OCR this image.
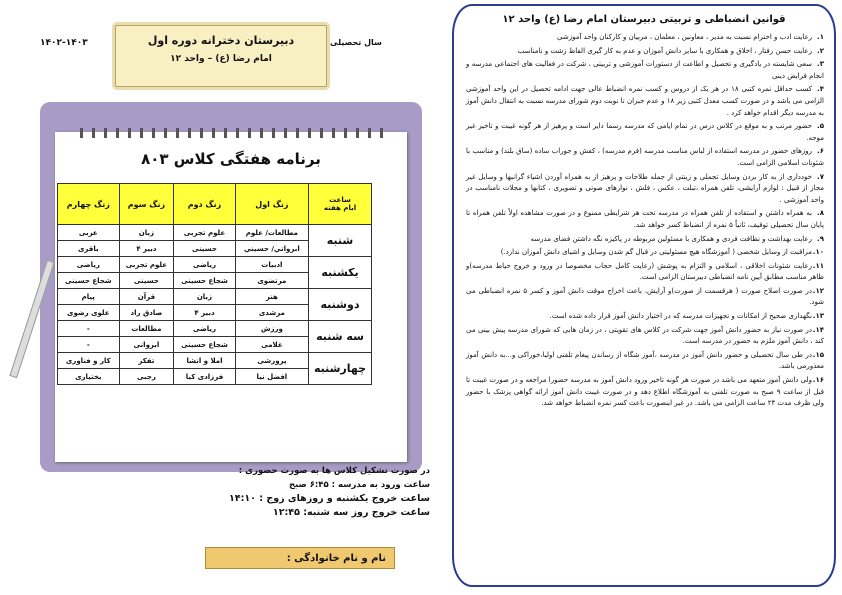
دبیرستان دخترانه دوره اول
امام رضا (ع) – واحد ۱۲
سال تحصیلی
۱۴۰۲-۱۴۰۳
برنامه هفتگی کلاس ۸۰۳
ساعت
ایام هفته	زنگ اول	زنگ دوم	زنگ سوم	زنگ چهارم
شنبه	مطالعات/ علوم	علوم تجربی	زبان	عربی
	ابرواني/ حسيني	حسینی	دبیر ۴	باقری
یکشنبه	ادبیات	ریاضی	علوم تجربی	ریاضی
	مرتضوی	شجاع حسینی	حسینی	شجاع حسینی
دوشنبه	هنر	زبان	قرآن	پیام
	مرشدی	دبیر ۴	صادق راد	علوی رضوی
سه شنبه	ورزش	ریاضی	مطالعات	-
	غلامی	شجاع حسینی	ابروانی	-
چهارشنبه	پرورشی	املا و انشا	تفکر	کار و فناوری
	افضل نیا	فرزادی کیا	رجبی	بختیاری
در صورت تشکیل کلاس ها به صورت حضوری :
ساعت ورود به مدرسه : ۶:۴۵ صبح
ساعت خروج یکشنبه و روزهای زوج : ۱۴:۱۰
ساعت خروج روز سه شنبه: ۱۲:۴۵
نام و نام خانوادگی :
قوانین انضباطی و تربیتی دبیرستان امام رضا (ع) واحد ۱۲
۱.رعایت ادب و احترام نسبت به مدیر ، معاونین ، معلمان ، مربیان و کارکنان واحد آموزشی
۲.رعایت حسن رفتار ، اخلاق و همکاری با سایر دانش آموزان و عدم به کار گیری الفاظ زشت و نامناسب
۳.سعی شایسته در یادگیری و تحصیل و اطاعت از دستورات آموزشی و تربیتی ، شرکت در فعالیت های اجتماعی مدرسه و انجام فرایض دینی
۴.کسب حداقل نمره کتبی ۱۸ در هر یک از دروس و کسب نمره انضباط عالی جهت ادامه تحصیل در این واحد آموزشی الزامی می باشد و در صورت کسب معدل کتبی زیر ۱۸ و عدم جبران تا نوبت دوم شورای مدرسه نسبت به انتقال دانش آموز به مدرسه دیگر اقدام خواهد کرد .
۵.حضور مرتب و به موقع در کلاس درس در تمام ایامی که مدرسه رسما دایر است و پرهیز از هر گونه غیبت و تاخیر غیر موجه.
۶.روزهای حضور در مدرسه استفاده از لباس مناسب مدرسه (فرم مدرسه) ، کفش و جوراب ساده (ساق بلند) و مناسب با شئونات اسلامی الزامی است.
۷.خودداری از به کار بردن وسایل تجملی و زینتی از جمله طلاجات و پرهیز از به همراه آوردن اشیاء گرانبها و وسایل غیر مجاز از قبیل : لوازم آرایشی، تلفن همراه ،تبلت ، عکس ، فلش ، نوارهای صوتی و تصویری ، کتابها و مجلات نامناسب در واحد آموزشی .
۸.به همراه داشتن و استفاده از تلفن همراه در مدرسه تحت هر شرایطی ممنوع و در صورت مشاهده اولاً تلفن همراه تا پایان سال تحصیلی توقیف، ثانیاً ۵ نمره از انضباط کسر خواهد شد.
۹.رعایت بهداشت و نظافت فردی و همکاری با مسئولین مربوطه در پاکیزه نگه داشتن فضای مدرسه
۱۰.مراقبت از وسایل شخصی ( آموزشگاه هیچ مسئولیتی در قبال گم شدن وسایل و اشیای دانش آموزان ندارد.)
۱۱.رعایت شئونات اخلاقی ، اسلامی و التزام به پوشش (رعایت کامل حجاب مخصوصا در ورود و خروج حیاط مدرسه)و ظاهر مناسب مطابق آیین نامه انضباطی دبیرستان الزامی است.
۱۲.در صورت اصلاح صورت ( هرقسمت از صورت)و آرایش، باعث اخراج موقت دانش آموز و کسر ۵ نمره انضباطی می شود.
۱۳.نگهداری صحیح از امکانات و تجهیزات مدرسه که در اختیار دانش آموز قرار داده شده است.
۱۴.در صورت نیاز به حضور دانش آموز جهت شرکت در کلاس های تقویتی ، در زمان هایی که شورای مدرسه پیش بینی می کند ، دانش آموز ملزم به حضور در مدرسه است.
۱۵.در طی سال تحصیلی و حضور دانش آموز در مدرسه ،آموز شگاه از رساندن پیغام تلفنی اولیا،خوراکی و...به دانش آموز معذورمی باشد.
۱۶.ولی دانش آموز متعهد می باشد در صورت هر گونه تاخیر ورود دانش آموز به مدرسه حضورا مراجعه و در صورت غیبت تا قبل از ساعت ۹ صبح به صورت تلفنی به آموزشگاه اطلاع دهد و در صورت غیبت دانش آموز ارائه گواهی پزشک با حضور ولی ظرف مدت ۲۴ ساعت الزامی می باشد. در غیر اینصورت باعث کسر نمره انضباط خواهد شد.
